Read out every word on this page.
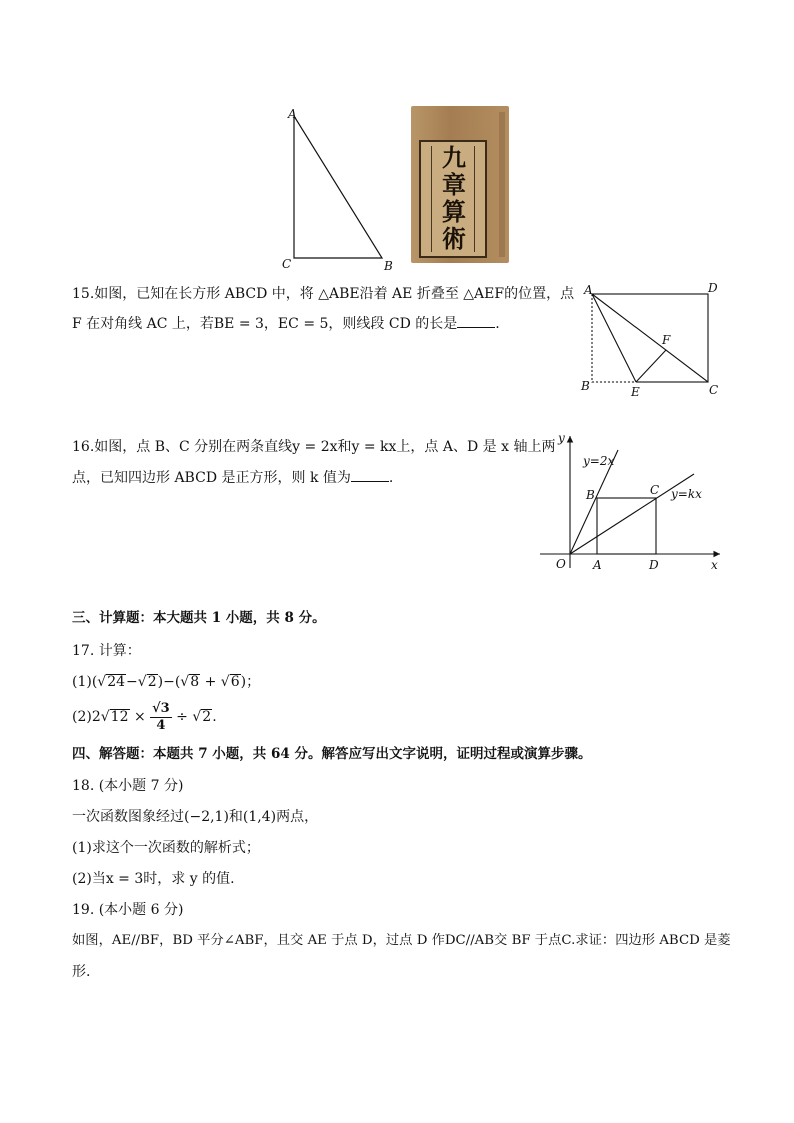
A
C	B
九
章
算
術
15.如图，已知在长方形 ABCD 中，将 △ABE沿着 AE 折叠至 △AEF的位置，点
F 在对角线 AC 上，若BE = 3，EC = 5，则线段 CD 的长是	.
A	D
B	E	C
F
16.如图，点 B、C 分别在两条直线y = 2x和y = kx上，点 A、D 是 x 轴上两
点，已知四边形 ABCD 是正方形，则 k 值为	.
y
x
O A	D
B	C
y=2x
y=kx
三、计算题：本大题共 1 小题，共 8 分。
17. 计算：
(1)(√24−√2)−(√8 + √6)；
$(2)2√12 \times \frac{√3}{4} \div √2$.
四、解答题：本题共 7 小题，共 64 分。解答应写出文字说明，证明过程或演算步骤。
18. (本小题 7 分)
一次函数图象经过(−2,1)和(1,4)两点，
(1)求这个一次函数的解析式；
(2)当x = 3时，求 y 的值.
19. (本小题 6 分)
如图，AE//BF，BD 平分∠ABF，且交 AE 于点 D，过点 D 作DC//AB交 BF 于点C.求证：四边形 ABCD 是菱
形.
